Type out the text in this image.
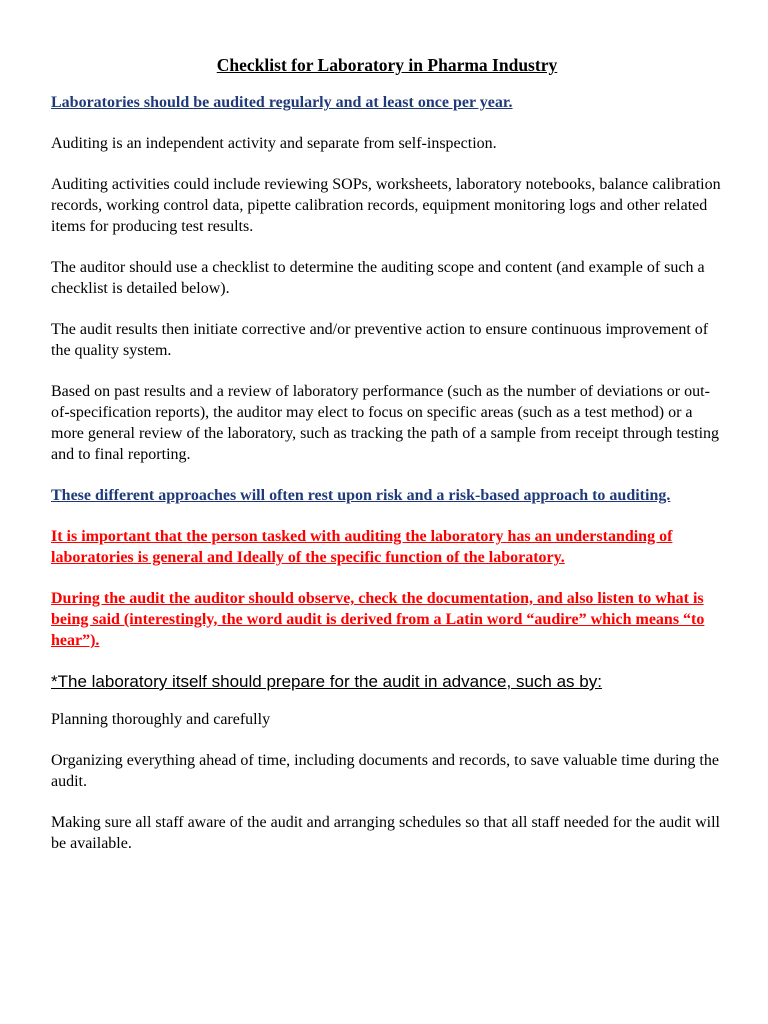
Checklist for Laboratory in Pharma Industry
Laboratories should be audited regularly and at least once per year.
Auditing is an independent activity and separate from self-inspection.
Auditing activities could include reviewing SOPs, worksheets, laboratory notebooks, balance calibration records, working control data, pipette calibration records, equipment monitoring logs and other related items for producing test results.
The auditor should use a checklist to determine the auditing scope and content (and example of such a checklist is detailed below).
The audit results then initiate corrective and/or preventive action to ensure continuous improvement of the quality system.
Based on past results and a review of laboratory performance (such as the number of deviations or out-of-specification reports), the auditor may elect to focus on specific areas (such as a test method) or a more general review of the laboratory, such as tracking the path of a sample from receipt through testing and to final reporting.
These different approaches will often rest upon risk and a risk-based approach to auditing.
It is important that the person tasked with auditing the laboratory has an understanding of laboratories is general and Ideally of the specific function of the laboratory.
During the audit the auditor should observe, check the documentation, and also listen to what is being said (interestingly, the word audit is derived from a Latin word “audire” which means “to hear”).
*The laboratory itself should prepare for the audit in advance, such as by:
Planning thoroughly and carefully
Organizing everything ahead of time, including documents and records, to save valuable time during the audit.
Making sure all staff aware of the audit and arranging schedules so that all staff needed for the audit will be available.
